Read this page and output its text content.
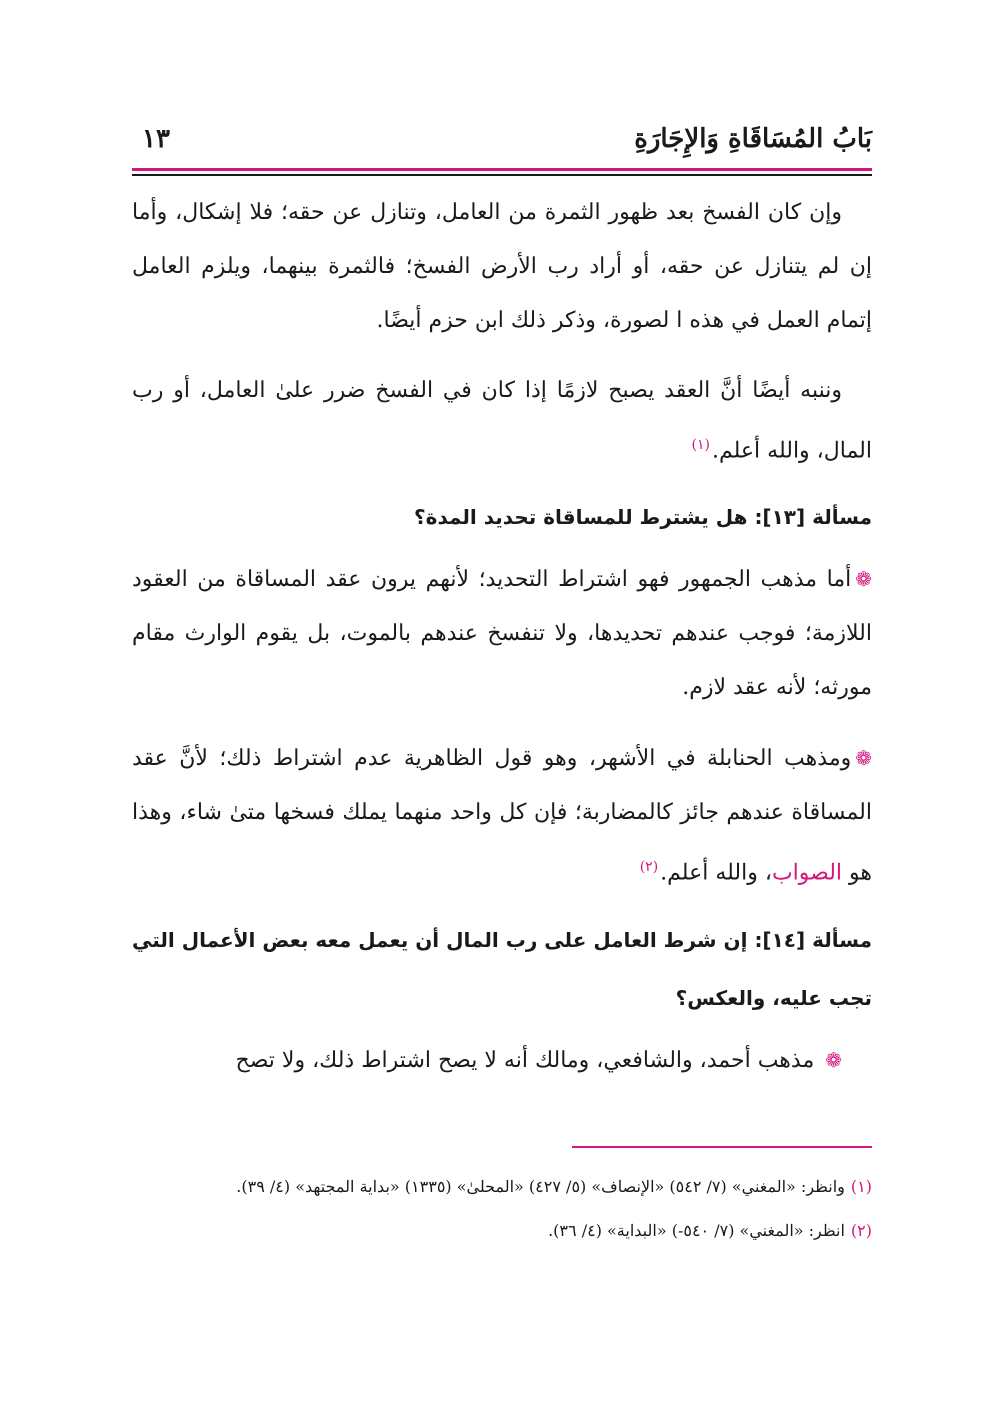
بَابُ المُسَاقَاةِ وَالإِجَارَةِ
١٣

وإن كان الفسخ بعد ظهور الثمرة من العامل، وتنازل عن حقه؛ فلا إشكال، وأما إن لم يتنازل عن حقه، أو أراد رب الأرض الفسخ؛ فالثمرة بينهما، ويلزم العامل إتمام العمل في هذه ا لصورة، وذكر ذلك ابن حزم أيضًا.

وننبه أيضًا أنَّ العقد يصبح لازمًا إذا كان في الفسخ ضرر علىٰ العامل، أو رب المال، والله أعلم.$^{(١)}$

مسألة [١٣]: هل يشترط للمساقاة تحديد المدة؟

❁أما مذهب الجمهور فهو اشتراط التحديد؛ لأنهم يرون عقد المساقاة من العقود اللازمة؛ فوجب عندهم تحديدها، ولا تنفسخ عندهم بالموت، بل يقوم الوارث مقام مورثه؛ لأنه عقد لازم.

❁ومذهب الحنابلة في الأشهر، وهو قول الظاهرية عدم اشتراط ذلك؛ لأنَّ عقد المساقاة عندهم جائز كالمضاربة؛ فإن كل واحد منهما يملك فسخها متىٰ شاء، وهذا هو الصواب، والله أعلم.$^{(٢)}$

مسألة [١٤]: إن شرط العامل على رب المال أن يعمل معه بعض الأعمال التي تجب عليه، والعكس؟

❁ مذهب أحمد، والشافعي، ومالك أنه لا يصح اشتراط ذلك، ولا تصح

(١)وانظر: «المغني» (٧/ ٥٤٢) «الإنصاف» (٥/ ٤٢٧) «المحلىٰ» (١٣٣٥) «بداية المجتهد» (٤/ ٣٩).

(٢)انظر: «المغني» (٧/ ٥٤٠-) «البداية» (٤/ ٣٦).
